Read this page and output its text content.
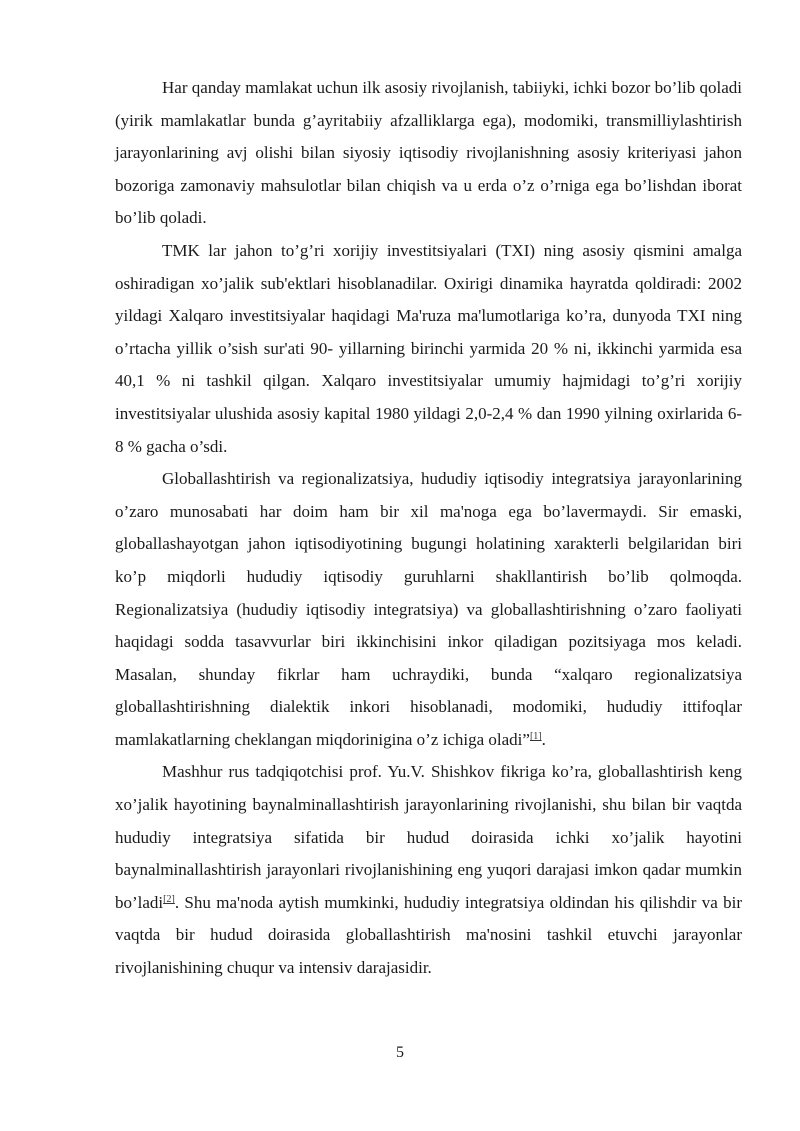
Har qanday mamlakat uchun ilk asosiy rivojlanish, tabiiyki, ichki bozor bo’lib qoladi (yirik mamlakatlar bunda g’ayritabiiy afzalliklarga ega), modomiki, transmilliylashtirish jarayonlarining avj olishi bilan siyosiy iqtisodiy rivojlanishning asosiy kriteriyasi jahon bozoriga zamonaviy mahsulotlar bilan chiqish va u erda o’z o’rniga ega bo’lishdan iborat bo’lib qoladi.

TMK lar jahon to’g’ri xorijiy investitsiyalari (TXI) ning asosiy qismini amalga oshiradigan xo’jalik sub'ektlari hisoblanadilar. Oxirigi dinamika hayratda qoldiradi: 2002 yildagi Xalqaro investitsiyalar haqidagi Ma'ruza ma'lumotlariga ko’ra, dunyoda TXI ning o’rtacha yillik o’sish sur'ati 90- yillarning birinchi yarmida 20 % ni, ikkinchi yarmida esa 40,1 % ni tashkil qilgan. Xalqaro investitsiyalar umumiy hajmidagi to’g’ri xorijiy investitsiyalar ulushida asosiy kapital 1980 yildagi 2,0-2,4 % dan 1990 yilning oxirlarida 6-8 % gacha o’sdi.

Globallashtirish va regionalizatsiya, hududiy iqtisodiy integratsiya jarayonlarining o’zaro munosabati har doim ham bir xil ma'noga ega bo’lavermaydi. Sir emaski, globallashayotgan jahon iqtisodiyotining bugungi holatining xarakterli belgilaridan biri ko’p miqdorli hududiy iqtisodiy guruhlarni shakllantirish bo’lib qolmoqda. Regionalizatsiya (hududiy iqtisodiy integratsiya) va globallashtirishning o’zaro faoliyati haqidagi sodda tasavvurlar biri ikkinchisini inkor qiladigan pozitsiyaga mos keladi. Masalan, shunday fikrlar ham uchraydiki, bunda “xalqaro regionalizatsiya globallashtirishning dialektik inkori hisoblanadi, modomiki, hududiy ittifoqlar mamlakatlarning cheklangan miqdorinigina o’z ichiga oladi”[1].

Mashhur rus tadqiqotchisi prof. Yu.V. Shishkov fikriga ko’ra, globallashtirish keng xo’jalik hayotining baynalminallashtirish jarayonlarining rivojlanishi, shu bilan bir vaqtda hududiy integratsiya sifatida bir hudud doirasida ichki xo’jalik hayotini baynalminallashtirish jarayonlari rivojlanishining eng yuqori darajasi imkon qadar mumkin bo’ladi[2]. Shu ma'noda aytish mumkinki, hududiy integratsiya oldindan his qilishdir va bir vaqtda bir hudud doirasida globallashtirish ma'nosini tashkil etuvchi jarayonlar rivojlanishining chuqur va intensiv darajasidir.

5
